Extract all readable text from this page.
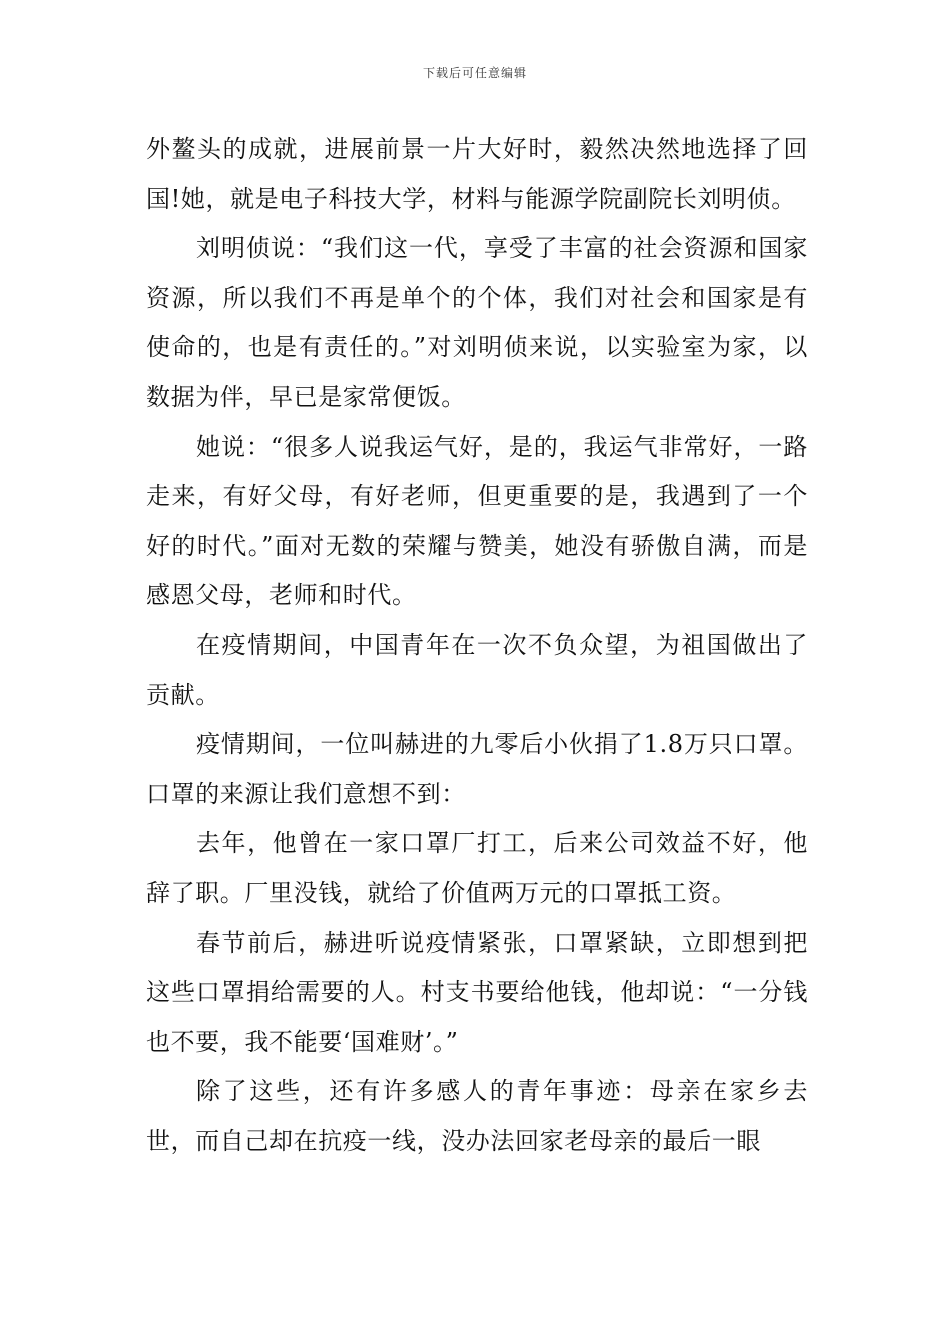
下载后可任意编辑

外鳌头的成就，进展前景一片大好时，毅然决然地选择了回国!她，就是电子科技大学，材料与能源学院副院长刘明侦。

刘明侦说：“我们这一代，享受了丰富的社会资源和国家资源，所以我们不再是单个的个体，我们对社会和国家是有使命的，也是有责任的。”对刘明侦来说，以实验室为家，以数据为伴，早已是家常便饭。

她说：“很多人说我运气好，是的，我运气非常好，一路走来，有好父母，有好老师，但更重要的是，我遇到了一个好的时代。”面对无数的荣耀与赞美，她没有骄傲自满，而是感恩父母，老师和时代。

在疫情期间，中国青年在一次不负众望，为祖国做出了贡献。

疫情期间，一位叫赫进的九零后小伙捐了1.8万只口罩。口罩的来源让我们意想不到：

去年，他曾在一家口罩厂打工，后来公司效益不好，他辞了职。厂里没钱，就给了价值两万元的口罩抵工资。

春节前后，赫进听说疫情紧张，口罩紧缺，立即想到把这些口罩捐给需要的人。村支书要给他钱，他却说：“一分钱也不要，我不能要‘国难财’。”

除了这些，还有许多感人的青年事迹：母亲在家乡去世，而自己却在抗疫一线，没办法回家老母亲的最后一眼
